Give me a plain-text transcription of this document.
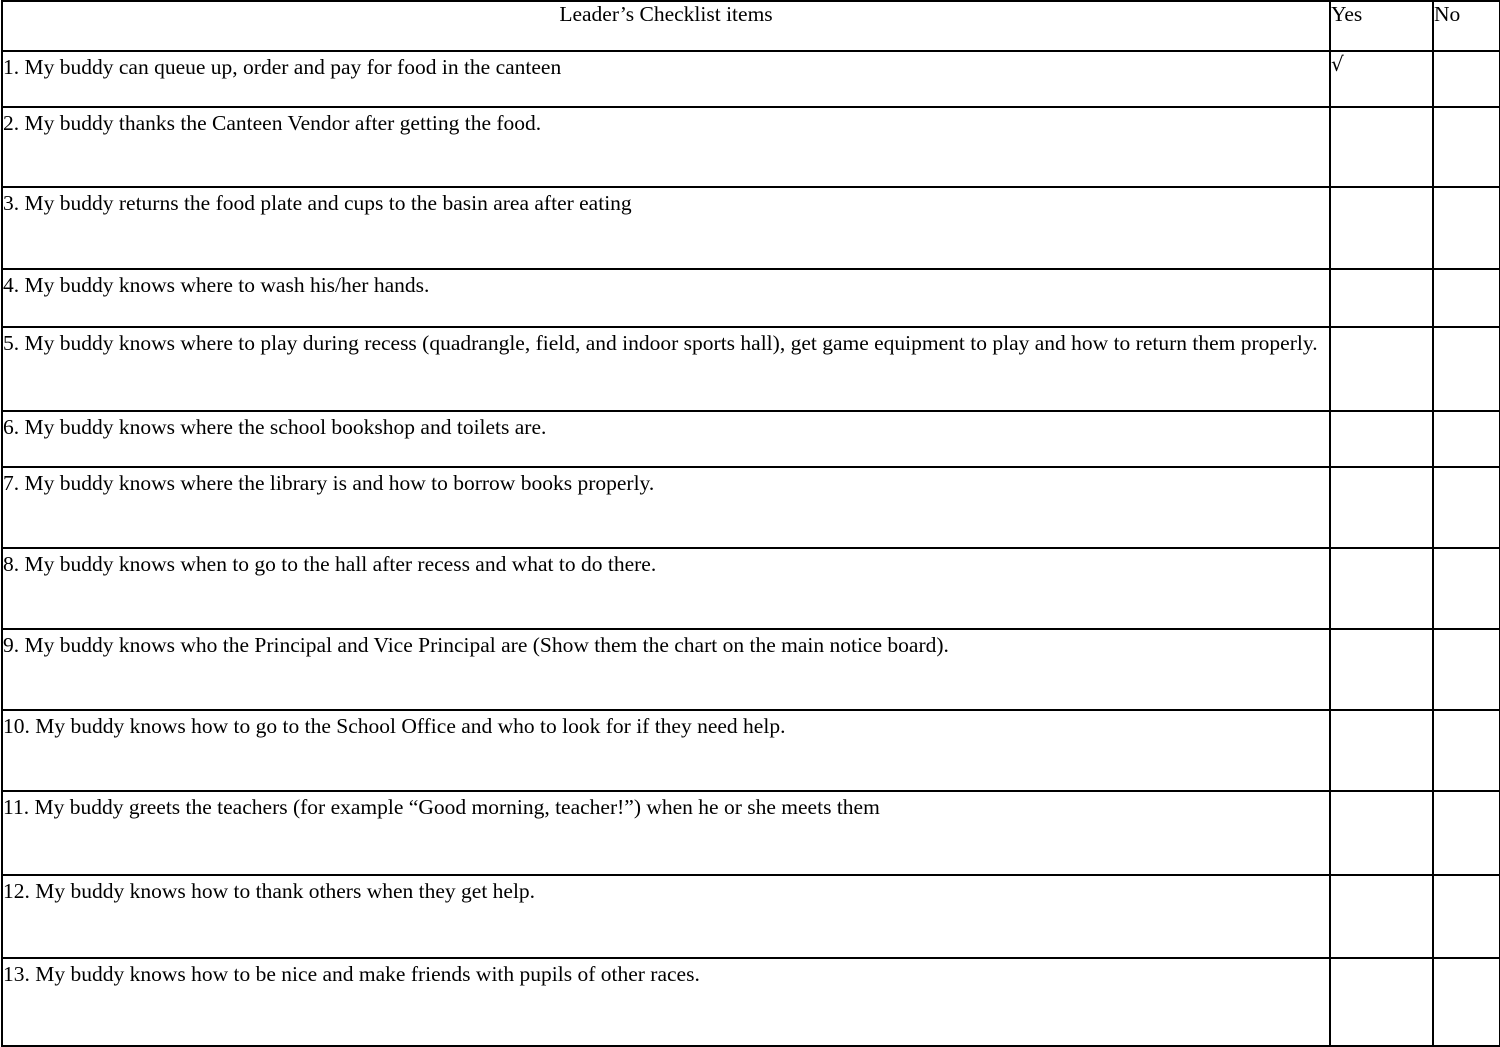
Leader’s Checklist items	Yes	No
1. My buddy can queue up, order and pay for food in the canteen	√	
2. My buddy thanks the Canteen Vendor after getting the food.		
3. My buddy returns the food plate and cups to the basin area after eating		
4. My buddy knows where to wash his/her hands.		
5. My buddy knows where to play during recess (quadrangle, field, and indoor sports hall), get game equipment to play and how to return them properly.		
6. My buddy knows where the school bookshop and toilets are.		
7. My buddy knows where the library is and how to borrow books properly.		
8. My buddy knows when to go to the hall after recess and what to do there.		
9. My buddy knows who the Principal and Vice Principal are (Show them the chart on the main notice board).		
10. My buddy knows how to go to the School Office and who to look for if they need help.		
11. My buddy greets the teachers (for example “Good morning, teacher!”) when he or she meets them		
12. My buddy knows how to thank others when they get help.		
13. My buddy knows how to be nice and make friends with pupils of other races.		
